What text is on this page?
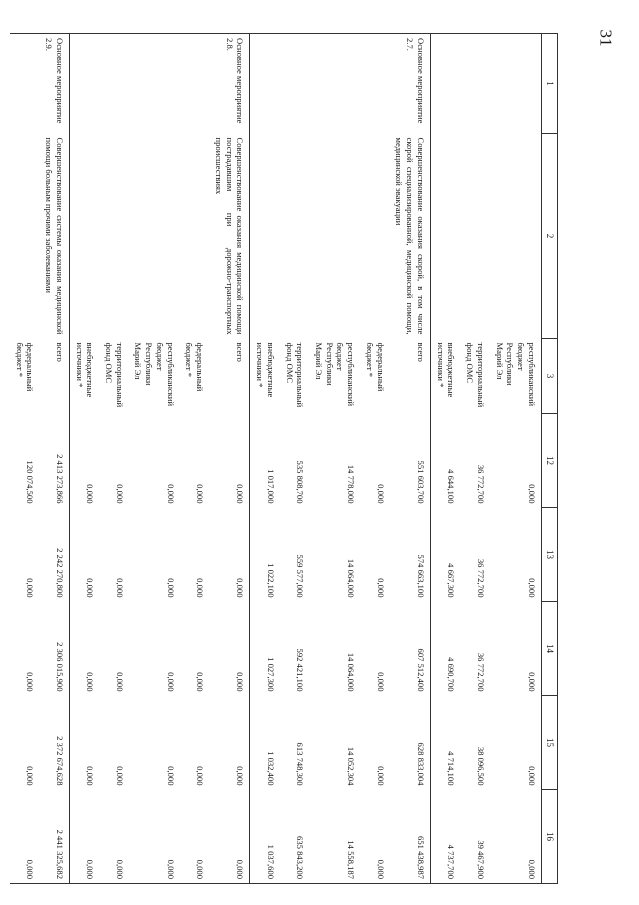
31
1	2	3	12	13	14	15	16
		республиканский бюджет Республики Марий Эл	0,000	0,000	0,000	0,000	0,000
		территориальный фонд ОМС	36 772,700	36 772,700	36 772,700	38 096,500	39 467,900
		внебюджетные источники *	4 644,100	4 667,300	4 690,700	4 714,100	4 737,700
Основное мероприятие 2.7.	Совершенствование оказания скорой, в том числе скорой специализированной, медицинской помощи, медицинской эвакуации	всего	551 603,700	574 663,100	607 512,400	628 833,004	651 438,987
		федеральный бюджет *	0,000	0,000	0,000	0,000	0,000
		республиканский бюджет Республики Марий Эл	14 778,000	14 064,000	14 064,000	14 052,304	14 558,187
		территориальный фонд ОМС	535 808,700	559 577,000	592 421,100	613 748,300	635 843,200
		внебюджетные источники *	1 017,000	1 022,100	1 027,300	1 032,400	1 037,600
Основное мероприятие 2.8.	Совершенствование оказания медицинской помощи пострадавшим при дорожно-транспортных происшествиях	всего	0,000	0,000	0,000	0,000	0,000
		федеральный бюджет *	0,000	0,000	0,000	0,000	0,000
		республиканский бюджет Республики Марий Эл	0,000	0,000	0,000	0,000	0,000
		территориальный фонд ОМС	0,000	0,000	0,000	0,000	0,000
		внебюджетные источники *	0,000	0,000	0,000	0,000	0,000
Основное мероприятие 2.9.	Совершенствование системы оказания медицинской помощи больным прочими заболеваниями	всего	2 413 273,866	2 242 270,800	2 306 015,900	2 372 674,628	2 441 325,682
		федеральный бюджет *	120 074,500	0,000	0,000	0,000	0,000
